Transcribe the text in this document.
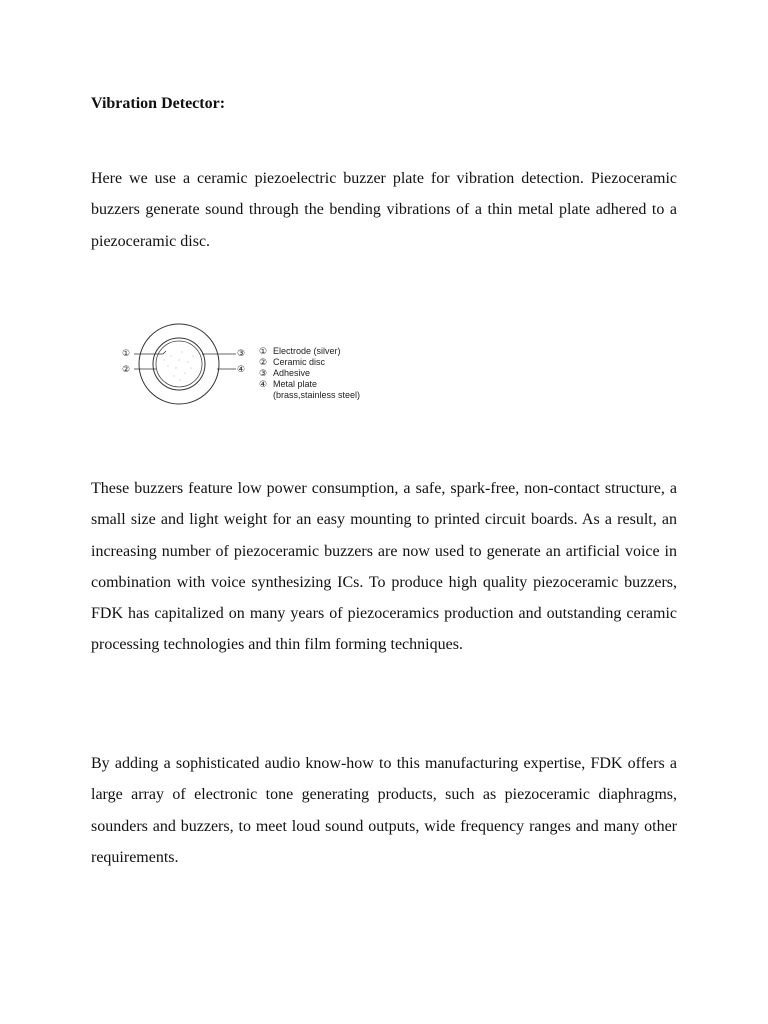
Vibration Detector:

Here we use a ceramic piezoelectric buzzer plate for vibration detection. Piezoceramic buzzers generate sound through the bending vibrations of a thin metal plate adhered to a piezoceramic disc.

①
②
③
④
① Electrode (silver)
② Ceramic disc
③ Adhesive
④ Metal plate
(brass,stainless steel)

These buzzers feature low power consumption, a safe, spark-free, non-contact structure, a small size and light weight for an easy mounting to printed circuit boards. As a result, an increasing number of piezoceramic buzzers are now used to generate an artificial voice in combination with voice synthesizing ICs. To produce high quality piezoceramic buzzers, FDK has capitalized on many years of piezoceramics production and outstanding ceramic processing technologies and thin film forming techniques.

By adding a sophisticated audio know-how to this manufacturing expertise, FDK offers a large array of electronic tone generating products, such as piezoceramic diaphragms, sounders and buzzers, to meet loud sound outputs, wide frequency ranges and many other requirements.
